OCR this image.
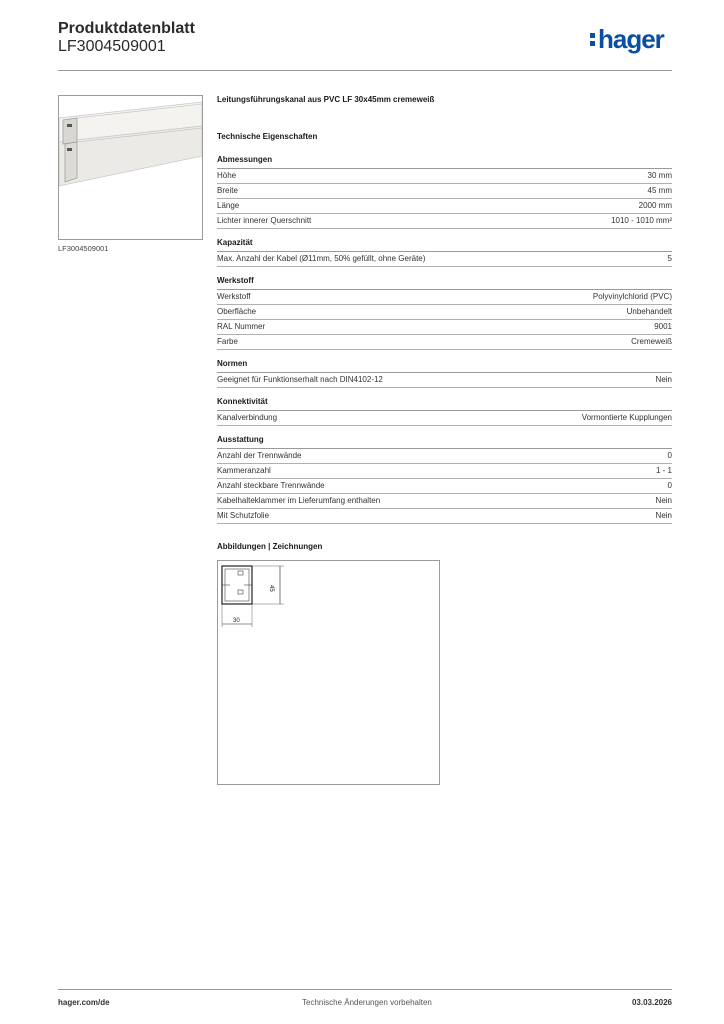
Produktdatenblatt
LF3004509001	hager
LF3004509001
Leitungsführungskanal aus PVC LF 30x45mm cremeweiß
Technische Eigenschaften
Abmessungen
Höhe	30 mm
Breite	45 mm
Länge	2000 mm
Lichter innerer Querschnitt	1010 - 1010 mm²
Kapazität
Max. Anzahl der Kabel (Ø11mm, 50% gefüllt, ohne Geräte)	5
Werkstoff
Werkstoff	Polyvinylchlorid (PVC)
Oberfläche	Unbehandelt
RAL Nummer	9001
Farbe	Cremeweiß
Normen
Geeignet für Funktionserhalt nach DIN4102-12	Nein
Konnektivität
Kanalverbindung	Vormontierte Kupplungen
Ausstattung
Anzahl der Trennwände	0
Kammeranzahl	1 - 1
Anzahl steckbare Trennwände	0
Kabelhalteklammer im Lieferumfang enthalten	Nein
Mit Schutzfolie	Nein
Abbildungen | Zeichnungen
45
30
hager.com/de	Technische Änderungen vorbehalten	03.03.2026
